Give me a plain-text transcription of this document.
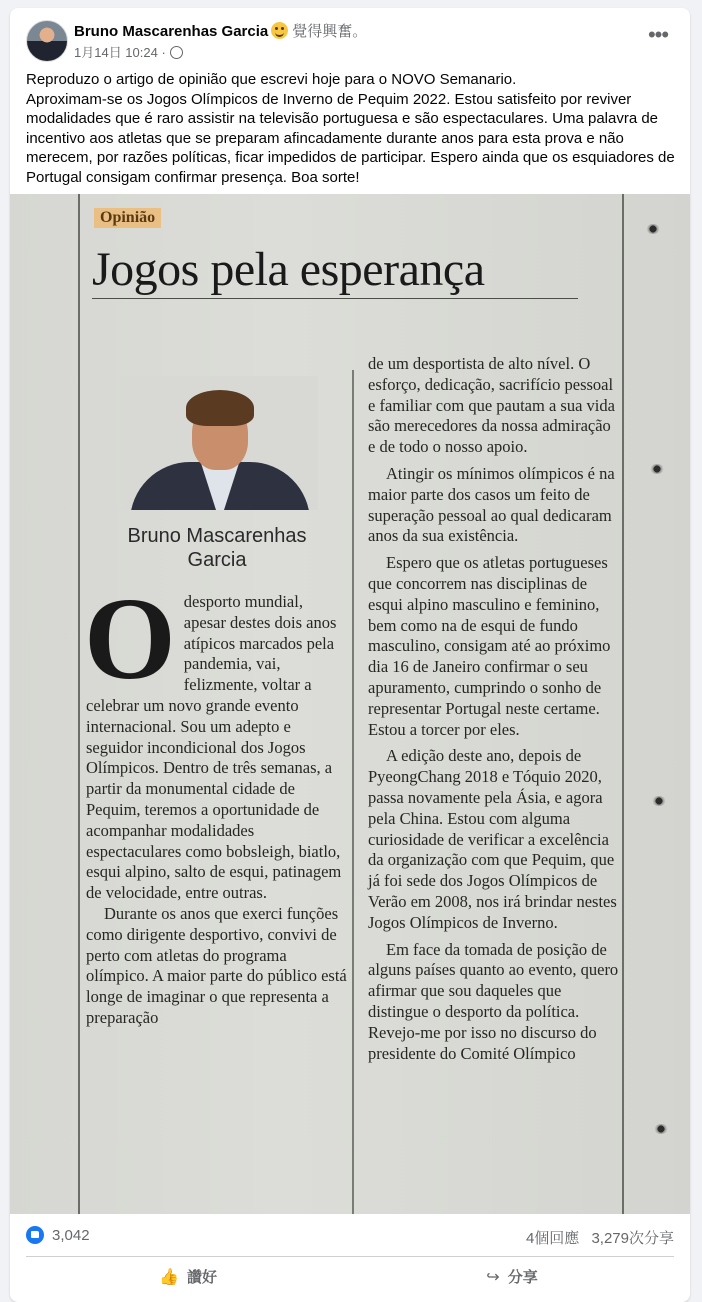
Bruno Mascarenhas Garcia 覺得興奮。
1月14日 10:24 ·
•••

Reproduzo o artigo de opinião que escrevi hoje para o NOVO Semanario.

Aproximam-se os Jogos Olímpicos de Inverno de Pequim 2022. Estou satisfeito por reviver modalidades que é raro assistir na televisão portuguesa e são espectaculares. Uma palavra de incentivo aos atletas que se preparam afincadamente durante anos para esta prova e não merecem, por razões políticas, ficar impedidos de participar. Espero ainda que os esquiadores de Portugal consigam confirmar presença. Boa sorte!

Opinião
Jogos pela esperança
Bruno Mascarenhas
Garcia
O desporto mundial, apesar destes dois anos atípicos marcados pela pandemia, vai, felizmente, voltar a celebrar um novo grande evento internacional. Sou um adepto e seguidor incondicional dos Jogos Olímpicos. Dentro de três semanas, a partir da monumental cidade de Pequim, teremos a oportunidade de acompanhar modalidades espectaculares como bobsleigh, biatlo, esqui alpino, salto de esqui, patinagem de velocidade, entre outras.

Durante os anos que exerci funções como dirigente desportivo, convivi de perto com atletas do programa olímpico. A maior parte do público está longe de imaginar o que representa a preparação

de um desportista de alto nível. O esforço, dedicação, sacrifício pessoal e familiar com que pautam a sua vida são merecedores da nossa admiração e de todo o nosso apoio.

Atingir os mínimos olímpicos é na maior parte dos casos um feito de superação pessoal ao qual dedicaram anos da sua existência.

Espero que os atletas portugueses que concorrem nas disciplinas de esqui alpino masculino e feminino, bem como na de esqui de fundo masculino, consigam até ao próximo dia 16 de Janeiro confirmar o seu apuramento, cumprindo o sonho de representar Portugal neste certame. Estou a torcer por eles.

A edição deste ano, depois de PyeongChang 2018 e Tóquio 2020, passa novamente pela Ásia, e agora pela China. Estou com alguma curiosidade de verificar a excelência da organização com que Pequim, que já foi sede dos Jogos Olímpicos de Verão em 2008, nos irá brindar nestes Jogos Olímpicos de Inverno.

Em face da tomada de posição de alguns países quanto ao evento, quero afirmar que sou daqueles que distingue o desporto da política. Revejo-me por isso no discurso do presidente do Comité Olímpico

3,042	4個回應 3,279次分享
👍 讚好	↪ 分享
